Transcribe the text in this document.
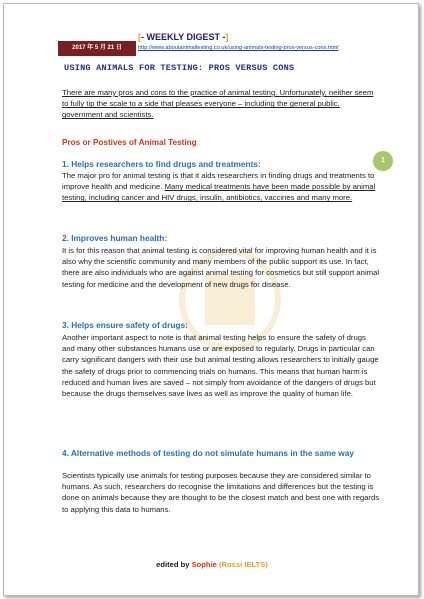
2017 年 5 月 21 日
[- WEEKLY DIGEST -]
http://www.aboutanimaltesting.co.uk/using-animals-testing-pros-versus-cons.html
USING ANIMALS FOR TESTING: PROS VERSUS CONS
There are many pros and cons to the practice of animal testing. Unfortunately, neither seem to fully tip the scale to a side that pleases everyone – including the general public, government and scientists.
Pros or Postives of Animal Testing
1
1. Helps researchers to find drugs and treatments:
The major pro for animal testing is that it aids researchers in finding drugs and treatments to improve health and medicine. Many medical treatments have been made possible by animal testing, including cancer and HIV drugs, insulin, antibiotics, vaccines and many more.
2. Improves human health:
It is for this reason that animal testing is considered vital for improving human health and it is also why the scientific community and many members of the public support its use. In fact, there are also individuals who are against animal testing for cosmetics but still support animal testing for medicine and the development of new drugs for disease.
3. Helps ensure safety of drugs:
Another important aspect to note is that animal testing helps to ensure the safety of drugs and many other substances humans use or are exposed to regularly. Drugs in particular can carry significant dangers with their use but animal testing allows researchers to initially gauge the safety of drugs prior to commencing trials on humans. This means that human harm is reduced and human lives are saved – not simply from avoidance of the dangers of drugs but because the drugs themselves save lives as well as improve the quality of human life.
4. Alternative methods of testing do not simulate humans in the same way
Scientists typically use animals for testing purposes because they are considered similar to humans. As such, researchers do recognise the limitations and differences but the testing is done on animals because they are thought to be the closest match and best one with regards to applying this data to humans.
edited by Sophie (Rossi IELTS)
